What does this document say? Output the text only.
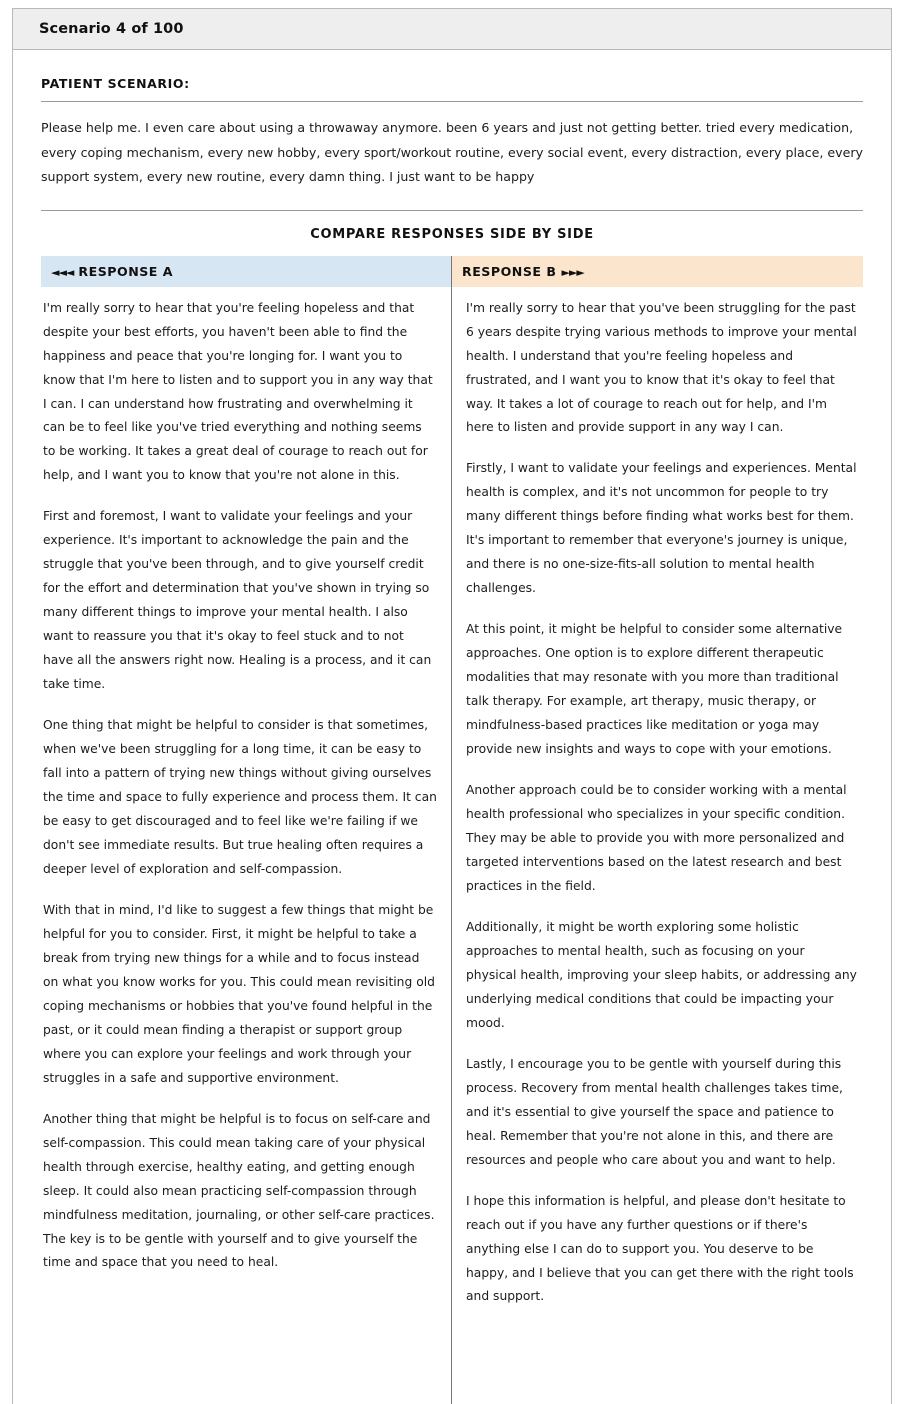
Scenario 4 of 100
PATIENT SCENARIO:
Please help me. I even care about using a throwaway anymore. been 6 years and just not getting better. tried every medication, every coping mechanism, every new hobby, every sport/workout routine, every social event, every distraction, every place, every support system, every new routine, every damn thing. I just want to be happy
COMPARE RESPONSES SIDE BY SIDE
◄◄◄ RESPONSE A

I'm really sorry to hear that you're feeling hopeless and that despite your best efforts, you haven't been able to find the happiness and peace that you're longing for. I want you to know that I'm here to listen and to support you in any way that I can. I can understand how frustrating and overwhelming it can be to feel like you've tried everything and nothing seems to be working. It takes a great deal of courage to reach out for help, and I want you to know that you're not alone in this.

First and foremost, I want to validate your feelings and your experience. It's important to acknowledge the pain and the struggle that you've been through, and to give yourself credit for the effort and determination that you've shown in trying so many different things to improve your mental health. I also want to reassure you that it's okay to feel stuck and to not have all the answers right now. Healing is a process, and it can take time.

One thing that might be helpful to consider is that sometimes, when we've been struggling for a long time, it can be easy to fall into a pattern of trying new things without giving ourselves the time and space to fully experience and process them. It can be easy to get discouraged and to feel like we're failing if we don't see immediate results. But true healing often requires a deeper level of exploration and self-compassion.

With that in mind, I'd like to suggest a few things that might be helpful for you to consider. First, it might be helpful to take a break from trying new things for a while and to focus instead on what you know works for you. This could mean revisiting old coping mechanisms or hobbies that you've found helpful in the past, or it could mean finding a therapist or support group where you can explore your feelings and work through your struggles in a safe and supportive environment.

Another thing that might be helpful is to focus on self-care and self-compassion. This could mean taking care of your physical health through exercise, healthy eating, and getting enough sleep. It could also mean practicing self-compassion through mindfulness meditation, journaling, or other self-care practices. The key is to be gentle with yourself and to give yourself the time and space that you need to heal.

RESPONSE B ►►►

I'm really sorry to hear that you've been struggling for the past 6 years despite trying various methods to improve your mental health. I understand that you're feeling hopeless and frustrated, and I want you to know that it's okay to feel that way. It takes a lot of courage to reach out for help, and I'm here to listen and provide support in any way I can.

Firstly, I want to validate your feelings and experiences. Mental health is complex, and it's not uncommon for people to try many different things before finding what works best for them. It's important to remember that everyone's journey is unique, and there is no one-size-fits-all solution to mental health challenges.

At this point, it might be helpful to consider some alternative approaches. One option is to explore different therapeutic modalities that may resonate with you more than traditional talk therapy. For example, art therapy, music therapy, or mindfulness-based practices like meditation or yoga may provide new insights and ways to cope with your emotions.

Another approach could be to consider working with a mental health professional who specializes in your specific condition. They may be able to provide you with more personalized and targeted interventions based on the latest research and best practices in the field.

Additionally, it might be worth exploring some holistic approaches to mental health, such as focusing on your physical health, improving your sleep habits, or addressing any underlying medical conditions that could be impacting your mood.

Lastly, I encourage you to be gentle with yourself during this process. Recovery from mental health challenges takes time, and it's essential to give yourself the space and patience to heal. Remember that you're not alone in this, and there are resources and people who care about you and want to help.

I hope this information is helpful, and please don't hesitate to reach out if you have any further questions or if there's anything else I can do to support you. You deserve to be happy, and I believe that you can get there with the right tools and support.
